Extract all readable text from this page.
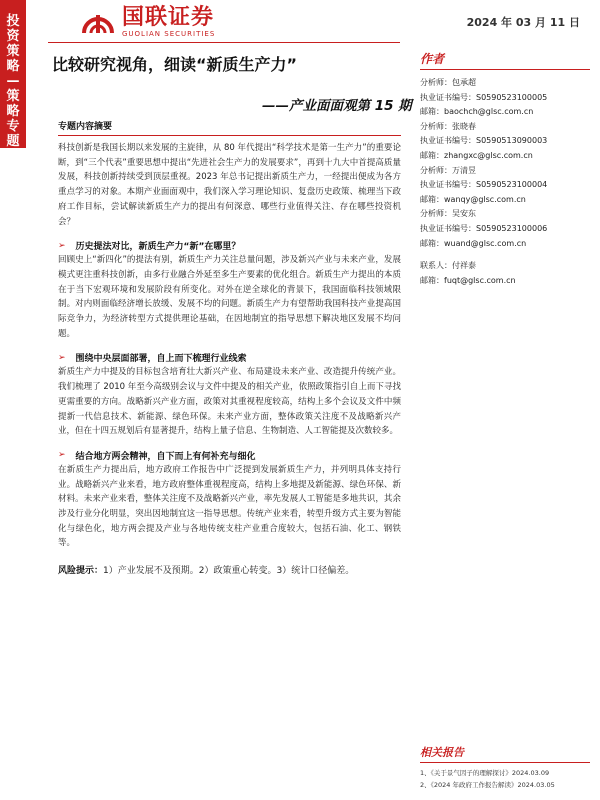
投
资
策
略
—
策
略
专
题
国联证券
GUOLIAN SECURITIES
2024 年 03 月 11 日
比较研究视角，细读“新质生产力”
——产业面面观第 15 期
专题内容摘要
科技创新是我国长期以来发展的主旋律，从 80 年代提出“科学技术是第一生产力”的重要论断，到“三个代表”重要思想中提出“先进社会生产力的发展要求”，再到十九大中首提高质量发展，科技创新持续受到顶层重视。2023 年总书记提出新质生产力，一经提出便成为各方重点学习的对象。本期产业面面观中，我们深入学习理论知识、复盘历史政策、梳理当下政府工作目标，尝试解读新质生产力的提出有何深意、哪些行业值得关注、存在哪些投资机会？
➢ 历史提法对比，新质生产力“新”在哪里？
回顾史上“新四化”的提法有别，新质生产力关注总量问题，涉及新兴产业与未来产业，发展模式更注重科技创新，由多行业融合外延至多生产要素的优化组合。新质生产力提出的本质在于当下宏观环境和发展阶段有所变化。对外在逆全球化的背景下，我国面临科技领域限制。对内则面临经济增长放缓、发展不均的问题。新质生产力有望帮助我国科技产业提高国际竞争力，为经济转型方式提供理论基础，在因地制宜的指导思想下解决地区发展不均问题。
➢ 围绕中央层面部署，自上而下梳理行业线索
新质生产力中提及的目标包含培育壮大新兴产业、布局建设未来产业、改造提升传统产业。我们梳理了 2010 年至今高级别会议与文件中提及的相关产业，依照政策指引自上而下寻找更需重要的方向。战略新兴产业方面，政策对其重视程度较高，结构上多个会议及文件中频提新一代信息技术、新能源、绿色环保。未来产业方面，整体政策关注度不及战略新兴产业，但在十四五规划后有显著提升，结构上量子信息、生物制造、人工智能提及次数较多。
➢ 结合地方两会精神，自下而上有何补充与细化
在新质生产力提出后，地方政府工作报告中广泛提到发展新质生产力，并列明具体支持行业。战略新兴产业来看，地方政府整体重视程度高，结构上多地提及新能源、绿色环保、新材料。未来产业来看，整体关注度不及战略新兴产业，率先发展人工智能是多地共识，其余涉及行业分化明显，突出因地制宜这一指导思想。传统产业来看，转型升级方式主要为智能化与绿色化，地方两会提及产业与各地传统支柱产业重合度较大，包括石油、化工、钢铁等。
风险提示：1）产业发展不及预期。2）政策重心转变。3）统计口径偏差。
作者
分析师：包承超
执业证书编号：S0590523100005
邮箱：baochch@glsc.com.cn
分析师：张晓春
执业证书编号：S0590513090003
邮箱：zhangxc@glsc.com.cn
分析师：万清昱
执业证书编号：S0590523100004
邮箱：wanqy@glsc.com.cn
分析师：吴安东
执业证书编号：S0590523100006
邮箱：wuand@glsc.com.cn
联系人：付祥泰
邮箱：fuqt@glsc.com.cn
相关报告
1、《关于景气因子的理解探讨》2024.03.09
2、《2024 年政府工作报告解读》2024.03.05
